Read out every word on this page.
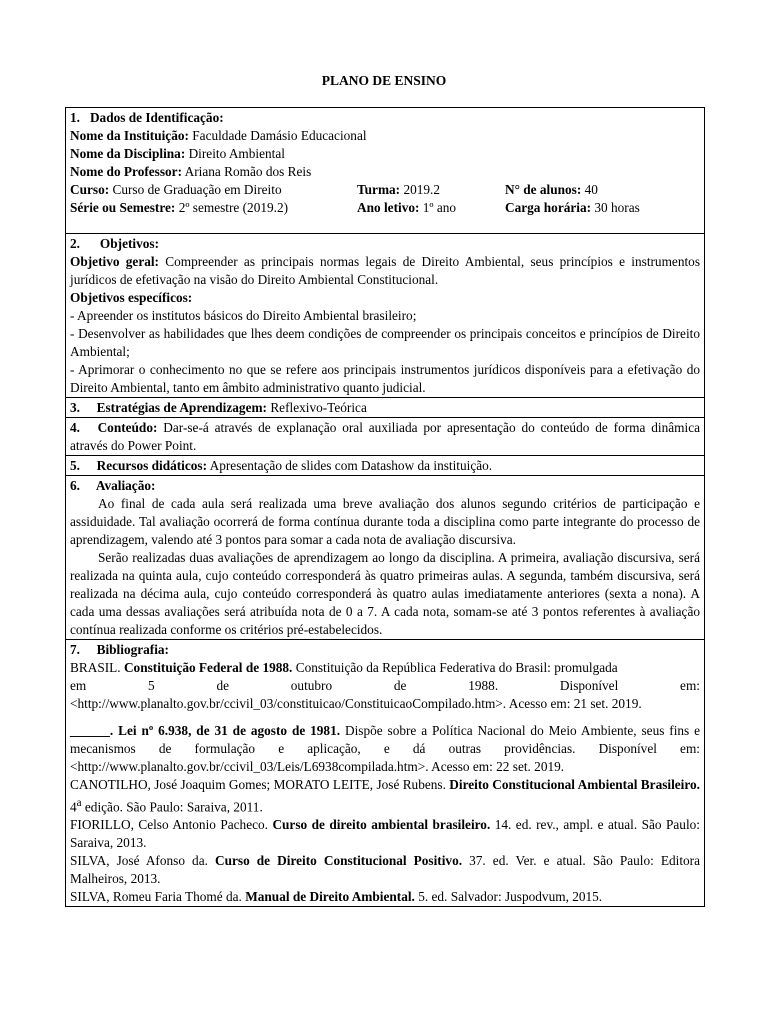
PLANO DE ENSINO
1.   Dados de Identificação:
Nome da Instituição: Faculdade Damásio Educacional
Nome da Disciplina: Direito Ambiental
Nome do Professor: Ariana Romão dos Reis
Curso: Curso de Graduação em Direito	Turma: 2019.2	N° de alunos: 40
Série ou Semestre: 2º semestre (2019.2)	Ano letivo: 1º ano	Carga horária: 30 horas

2.      Objetivos:

Objetivo geral: Compreender as principais normas legais de Direito Ambiental, seus princípios e instrumentos jurídicos de efetivação na visão do Direito Ambiental Constitucional.

Objetivos específicos:

- Apreender os institutos básicos do Direito Ambiental brasileiro;

- Desenvolver as habilidades que lhes deem condições de compreender os principais conceitos e princípios de Direito Ambiental;

- Aprimorar o conhecimento no que se refere aos principais instrumentos jurídicos disponíveis para a efetivação do Direito Ambiental, tanto em âmbito administrativo quanto judicial.

3.     Estratégias de Aprendizagem: Reflexivo-Teórica

4.   Conteúdo: Dar-se-á através de explanação oral auxiliada por apresentação do conteúdo de forma dinâmica através do Power Point.

5.     Recursos didáticos: Apresentação de slides com Datashow da instituição.

6.     Avaliação:

Ao final de cada aula será realizada uma breve avaliação dos alunos segundo critérios de participação e assiduidade. Tal avaliação ocorrerá de forma contínua durante toda a disciplina como parte integrante do processo de aprendizagem, valendo até 3 pontos para somar a cada nota de avaliação discursiva.

Serão realizadas duas avaliações de aprendizagem ao longo da disciplina. A primeira, avaliação discursiva, será realizada na quinta aula, cujo conteúdo corresponderá às quatro primeiras aulas. A segunda, também discursiva, será realizada na décima aula, cujo conteúdo corresponderá às quatro aulas imediatamente anteriores (sexta a nona). A cada uma dessas avaliações será atribuída nota de 0 a 7. A cada nota, somam-se até 3 pontos referentes à avaliação contínua realizada conforme os critérios pré-estabelecidos.

7.     Bibliografia:

BRASIL. Constituição Federal de 1988. Constituição da República Federativa do Brasil: promulgada

em	5	de	outubro	de	1988.	Disponível	em:

<http://www.planalto.gov.br/ccivil_03/constituicao/ConstituicaoCompilado.htm>. Acesso em: 21 set. 2019.

______. Lei nº 6.938, de 31 de agosto de 1981. Dispõe sobre a Política Nacional do Meio Ambiente, seus fins e mecanismos de formulação e aplicação, e dá outras providências. Disponível em: <http://www.planalto.gov.br/ccivil_03/Leis/L6938compilada.htm>. Acesso em: 22 set. 2019.

CANOTILHO, José Joaquim Gomes; MORATO LEITE, José Rubens. Direito Constitucional Ambiental Brasileiro. 4$^a$ edição. São Paulo: Saraiva, 2011.

FIORILLO, Celso Antonio Pacheco. Curso de direito ambiental brasileiro. 14. ed. rev., ampl. e atual. São Paulo: Saraiva, 2013.

SILVA, José Afonso da. Curso de Direito Constitucional Positivo. 37. ed. Ver. e atual. São Paulo: Editora Malheiros, 2013.

SILVA, Romeu Faria Thomé da. Manual de Direito Ambiental. 5. ed. Salvador: Juspodvum, 2015.
